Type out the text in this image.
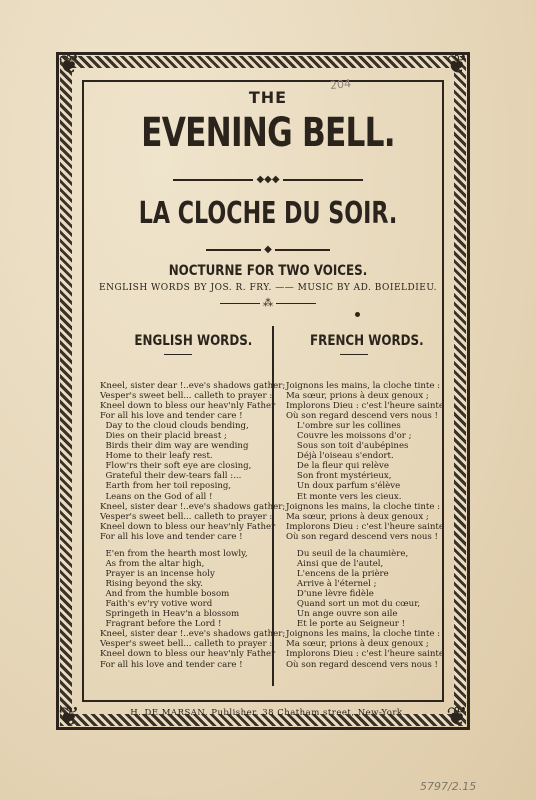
❦	❦
❦	❦
204
THE
EVENING BELL.
◆◆◆
LA CLOCHE DU SOIR.
◆
NOCTURNE FOR TWO VOICES.
ENGLISH WORDS BY JOS. R. FRY. —— MUSIC BY AD. BOIELDIEU.
⁂
ENGLISH WORDS.	FRENCH WORDS.
Kneel, sister dear !..eve's shadows gather;
Vesper's sweet bell... calleth to prayer :
Kneel down to bless our heav'nly Father
For all his love and tender care !
Day to the cloud clouds bending,
Dies on their placid breast ;
Birds their dim way are wending
Home to their leafy rest.
Flow'rs their soft eye are closing,
Grateful their dew-tears fall :...
Earth from her toil reposing,
Leans on the God of all !
Kneel, sister dear !..eve's shadows gather;
Vesper's sweet bell... calleth to prayer :
Kneel down to bless our heav'nly Father
For all his love and tender care !
E'en from the hearth most lowly,
As from the altar high,
Prayer is an incense holy
Rising beyond the sky.
And from the humble bosom
Faith's ev'ry votive word
Springeth in Heav'n a blossom
Fragrant before the Lord !
Kneel, sister dear !..eve's shadows gather;
Vesper's sweet bell... calleth to prayer :
Kneel down to bless our heav'nly Father
For all his love and tender care !
Joignons les mains, la cloche tinte :
Ma sœur, prions à deux genoux ;
Implorons Dieu : c'est l'heure sainte
Où son regard descend vers nous !
L'ombre sur les collines
Couvre les moissons d'or ;
Sous son toit d'aubépines
Déjà l'oiseau s'endort.
De la fleur qui relève
Son front mystérieux,
Un doux parfum s'élève
Et monte vers les cieux.
Joignons les mains, la cloche tinte :
Ma sœur, prions à deux genoux ;
Implorons Dieu : c'est l'heure sainte
Où son regard descend vers nous !
Du seuil de la chaumière,
Ainsi que de l'autel,
L'encens de la prière
Arrive à l'éternel ;
D'une lèvre fidèle
Quand sort un mot du cœur,
Un ange ouvre son aile
Et le porte au Seigneur !
Joignons les mains, la cloche tinte :
Ma sœur, prions à deux genoux ;
Implorons Dieu : c'est l'heure sainte
Où son regard descend vers nous !
H. DE MARSAN, Publisher, 38 Chatham street, New-York.
5797/2.15
